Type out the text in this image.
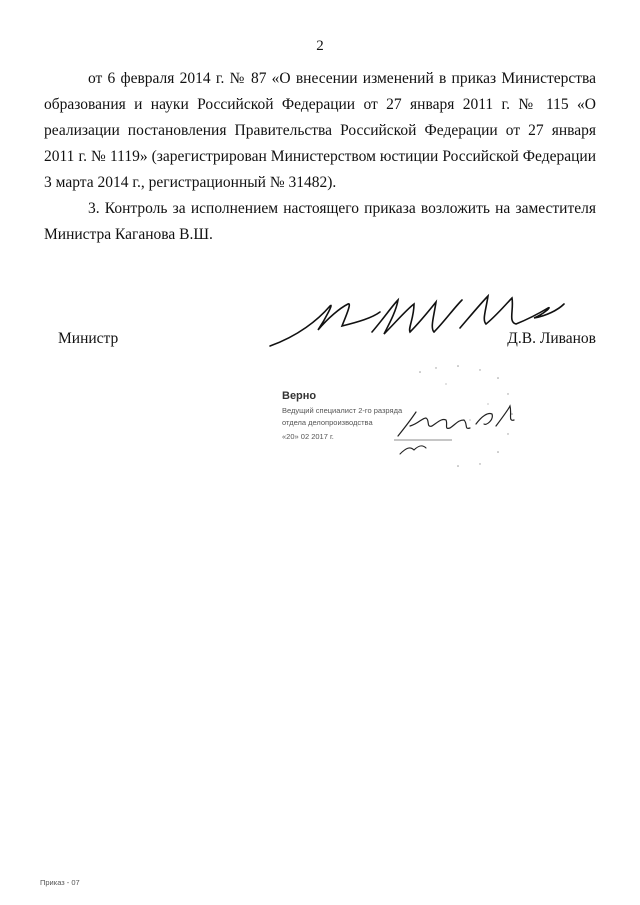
2

от 6 февраля 2014 г. № 87 «О внесении изменений в приказ Министерства образования и науки Российской Федерации от 27 января 2011 г. № 115 «О реализации постановления Правительства Российской Федерации от 27 января 2011 г. № 1119» (зарегистрирован Министерством юстиции Российской Федерации 3 марта 2014 г., регистрационный № 31482).

3. Контроль за исполнением настоящего приказа возложить на заместителя Министра Каганова В.Ш.

Министр	Д.В. Ливанов
Верно
Ведущий специалист 2-го разряда
отдела делопроизводства
«20» 02 2017 г.
Приказ - 07
